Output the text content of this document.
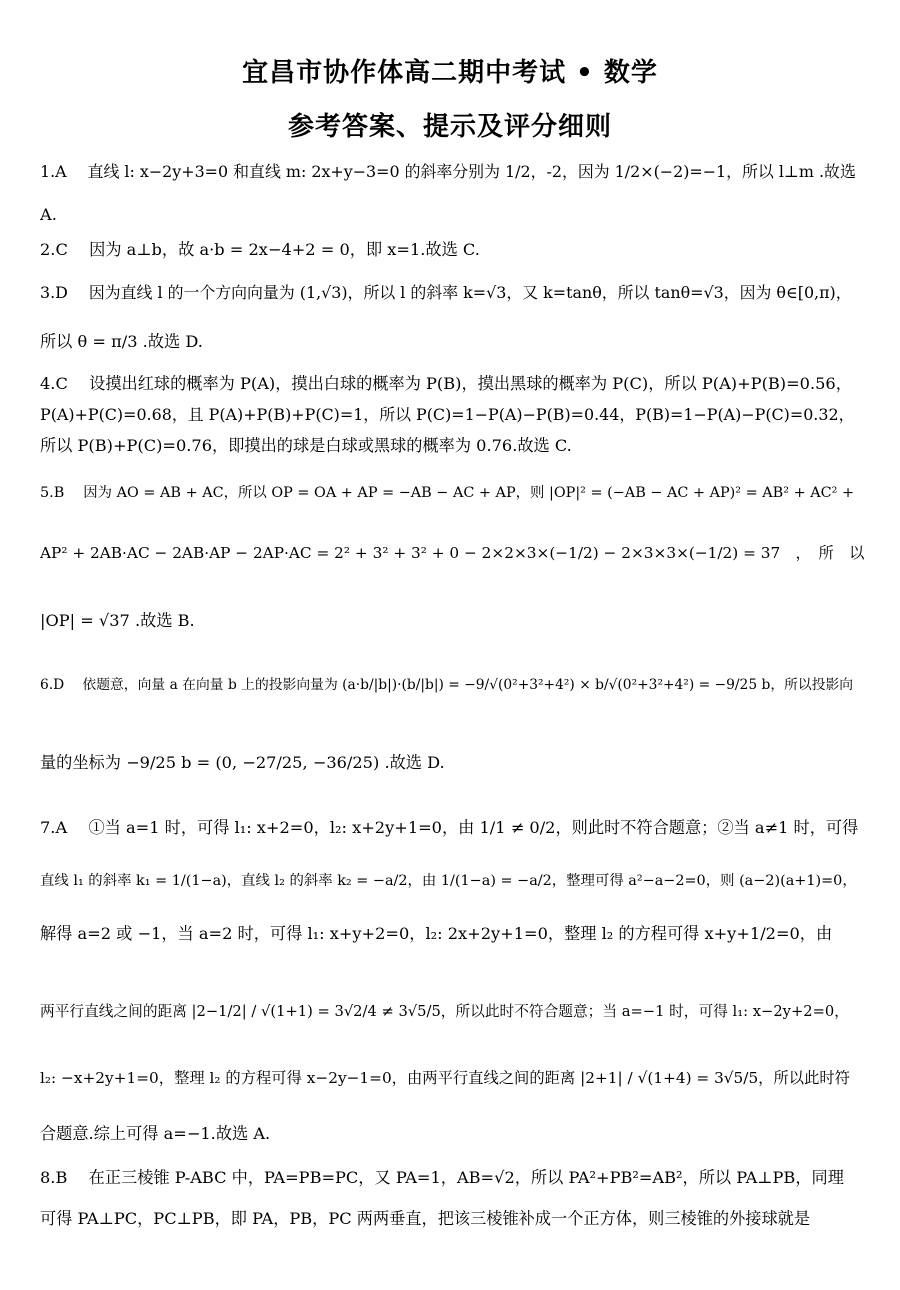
宜昌市协作体高二期中考试 • 数学
参考答案、提示及评分细则
1.A　 直线 l: x−2y+3=0 和直线 m: 2x+y−3=0 的斜率分别为 1/2，-2，因为 1/2×(−2)=−1，所以 l⊥m .故选
A.
2.C　 因为 a⊥b，故 a·b = 2x−4+2 = 0，即 x=1.故选 C.
3.D　 因为直线 l 的一个方向向量为 (1,√3)，所以 l 的斜率 k=√3，又 k=tanθ，所以 tanθ=√3，因为 θ∈[0,π)，
所以 θ = π/3 .故选 D.
4.C　 设摸出红球的概率为 P(A)，摸出白球的概率为 P(B)，摸出黑球的概率为 P(C)，所以 P(A)+P(B)=0.56，
P(A)+P(C)=0.68，且 P(A)+P(B)+P(C)=1，所以 P(C)=1−P(A)−P(B)=0.44，P(B)=1−P(A)−P(C)=0.32，
所以 P(B)+P(C)=0.76，即摸出的球是白球或黑球的概率为 0.76.故选 C.
5.B　 因为 AO = AB + AC，所以 OP = OA + AP = −AB − AC + AP，则 |OP|² = (−AB − AC + AP)² = AB² + AC² +
AP² + 2AB·AC − 2AB·AP − 2AP·AC = 2² + 3² + 3² + 0 − 2×2×3×(−1/2) − 2×3×3×(−1/2) = 37　，　所　以
|OP| = √37 .故选 B.
6.D　 依题意，向量 a 在向量 b 上的投影向量为 (a·b/|b|)·(b/|b|) = −9/√(0²+3²+4²) × b/√(0²+3²+4²) = −9/25 b，所以投影向
量的坐标为 −9/25 b = (0, −27/25, −36/25) .故选 D.
7.A　 ①当 a=1 时，可得 l₁: x+2=0，l₂: x+2y+1=0，由 1/1 ≠ 0/2，则此时不符合题意；②当 a≠1 时，可得
直线 l₁ 的斜率 k₁ = 1/(1−a)，直线 l₂ 的斜率 k₂ = −a/2，由 1/(1−a) = −a/2，整理可得 a²−a−2=0，则 (a−2)(a+1)=0，
解得 a=2 或 −1，当 a=2 时，可得 l₁: x+y+2=0，l₂: 2x+2y+1=0，整理 l₂ 的方程可得 x+y+1/2=0，由
两平行直线之间的距离 |2−1/2| / √(1+1) = 3√2/4 ≠ 3√5/5，所以此时不符合题意；当 a=−1 时，可得 l₁: x−2y+2=0，
l₂: −x+2y+1=0，整理 l₂ 的方程可得 x−2y−1=0，由两平行直线之间的距离 |2+1| / √(1+4) = 3√5/5，所以此时符
合题意.综上可得 a=−1.故选 A.
8.B　 在正三棱锥 P-ABC 中，PA=PB=PC，又 PA=1，AB=√2，所以 PA²+PB²=AB²，所以 PA⊥PB，同理
可得 PA⊥PC，PC⊥PB，即 PA，PB，PC 两两垂直，把该三棱锥补成一个正方体，则三棱锥的外接球就是
